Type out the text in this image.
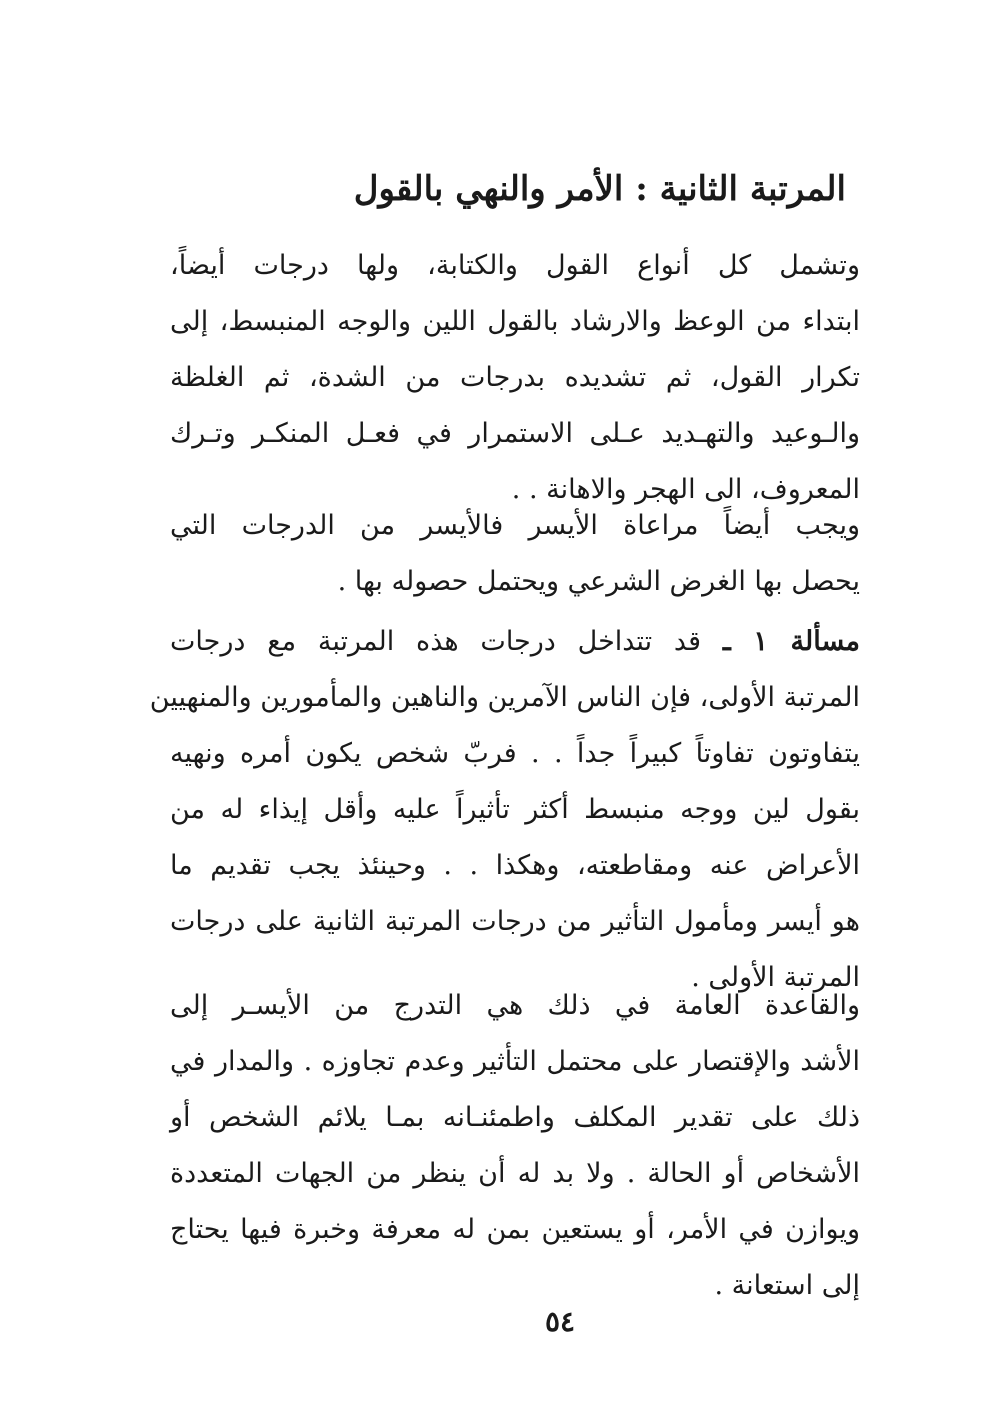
المرتبة الثانية : الأمر والنهي بالقول
وتشمل كل أنواع القول والكتابة، ولها درجات أيضاً،
ابتداء من الوعظ والارشاد بالقول اللين والوجه المنبسط، إلى
تكرار القول، ثم تشديده بدرجات من الشدة، ثم الغلظة
والـوعيد والتهـديد عـلى الاستمرار في فعـل المنكـر وتـرك
المعروف، الى الهجر والاهانة . .
ويجب أيضاً مراعاة الأيسر فالأيسر من الدرجات التي
يحصل بها الغرض الشرعي ويحتمل حصوله بها .
مسألة ١ ـ قد تتداخل درجات هذه المرتبة مع درجات
المرتبة الأولى، فإن الناس الآمرين والناهين والمأمورين والمنهيين
يتفاوتون تفاوتاً كبيراً جداً . . فربّ شخص يكون أمره ونهيه
بقول لين ووجه منبسط أكثر تأثيراً عليه وأقل إيذاء له من
الأعراض عنه ومقاطعته، وهكذا . . وحينئذ يجب تقديم ما
هو أيسر ومأمول التأثير من درجات المرتبة الثانية على درجات
المرتبة الأولى .
والقاعدة العامة في ذلك هي التدرج من الأيسـر إلى
الأشد والإقتصار على محتمل التأثير وعدم تجاوزه . والمدار في
ذلك على تقدير المكلف واطمئنـانه بمـا يلائم الشخص أو
الأشخاص أو الحالة . ولا بد له أن ينظر من الجهات المتعددة
ويوازن في الأمر، أو يستعين بمن له معرفة وخبرة فيها يحتاج
إلى استعانة .
٥٤
